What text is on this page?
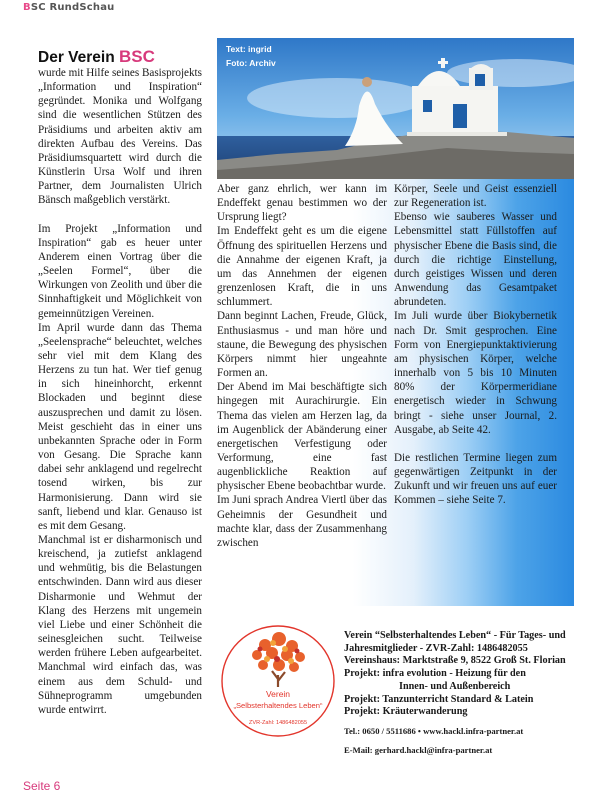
BSC RundSchau
Der Verein BSC	Text: ingrid
Foto: Archiv

wurde mit Hilfe seines Basisprojekts „Information und Inspiration“ gegründet. Monika und Wolfgang sind die wesentlichen Stützen des Präsidiums und arbeiten aktiv am direkten Aufbau des Vereins. Das Präsidiumsquartett wird durch die Künstlerin Ursa Wolf und ihren Partner, dem Journalisten Ulrich Bänsch maßgeblich verstärkt.

Im Projekt „Information und Inspiration“ gab es heuer unter Anderem einen Vortrag über die „Seelen Formel“, über die Wirkungen von Zeolith und über die Sinnhaftigkeit und Möglichkeit von gemeinnützigen Vereinen.

Im April wurde dann das Thema „Seelensprache“ beleuchtet, welches sehr viel mit dem Klang des Herzens zu tun hat. Wer tief genug in sich hineinhorcht, erkennt Blockaden und beginnt diese auszusprechen und damit zu lösen. Meist geschieht das in einer uns unbekannten Sprache oder in Form von Gesang. Die Sprache kann dabei sehr anklagend und regelrecht tosend wirken, bis zur Harmonisierung. Dann wird sie sanft, liebend und klar. Genauso ist es mit dem Gesang.

Manchmal ist er disharmonisch und kreischend, ja zutiefst anklagend und wehmütig, bis die Belastungen entschwinden. Dann wird aus dieser Disharmonie und Wehmut der Klang des Herzens mit ungemein viel Liebe und einer Schönheit die seinesgleichen sucht. Teilweise werden frühere Leben aufgearbeitet. Manchmal wird einfach das, was einem aus dem Schuld- und Sühneprogramm umgebunden wurde entwirrt.

Aber ganz ehrlich, wer kann im Endeffekt genau bestimmen wo der Ursprung liegt?

Im Endeffekt geht es um die eigene Öffnung des spirituellen Herzens und die Annahme der eigenen Kraft, ja um das Annehmen der eigenen grenzenlosen Kraft, die in uns schlummert.

Dann beginnt Lachen, Freude, Glück, Enthusiasmus - und man höre und staune, die Bewegung des physischen Körpers nimmt hier ungeahnte Formen an.

Der Abend im Mai beschäftigte sich hingegen mit Aurachirurgie. Ein Thema das vielen am Herzen lag, da im Augenblick der Abänderung einer energetischen Verfestigung oder Verformung, eine fast augenblickliche Reaktion auf physischer Ebene beobachtbar wurde.

Im Juni sprach Andrea Viertl über das Geheimnis der Gesundheit und machte klar, dass der Zusammenhang zwischen

Körper, Seele und Geist essenziell zur Regeneration ist.

Ebenso wie sauberes Wasser und Lebensmittel statt Füllstoffen auf physischer Ebene die Basis sind, die durch die richtige Einstellung, durch geistiges Wissen und deren Anwendung das Gesamtpaket abrundeten.

Im Juli wurde über Biokybernetik nach Dr. Smit gesprochen. Eine Form von Energiepunktaktivierung am physischen Körper, welche innerhalb von 5 bis 10 Minuten 80% der Körpermeridiane energetisch wieder in Schwung bringt - siehe unser Journal, 2. Ausgabe, ab Seite 42.

Die restlichen Termine liegen zum gegenwärtigen Zeitpunkt in der Zukunft und wir freuen uns auf euer Kommen – siehe Seite 7.

Verein
„Selbsterhaltendes Leben“
ZVR-Zahl: 1486482055
Verein “Selbsterhaltendes Leben“ - Für Tages- und
Jahresmitglieder - ZVR-Zahl: 1486482055
Vereinshaus: Marktstraße 9, 8522 Groß St. Florian
Projekt: infra evolution - Heizung für den
Innen- und Außenbereich
Projekt: Tanzunterricht Standard & Latein
Projekt: Kräuterwanderung
Tel.: 0650 / 5511686 • www.hackl.infra-partner.at
E-Mail: gerhard.hackl@infra-partner.at
Seite 6
